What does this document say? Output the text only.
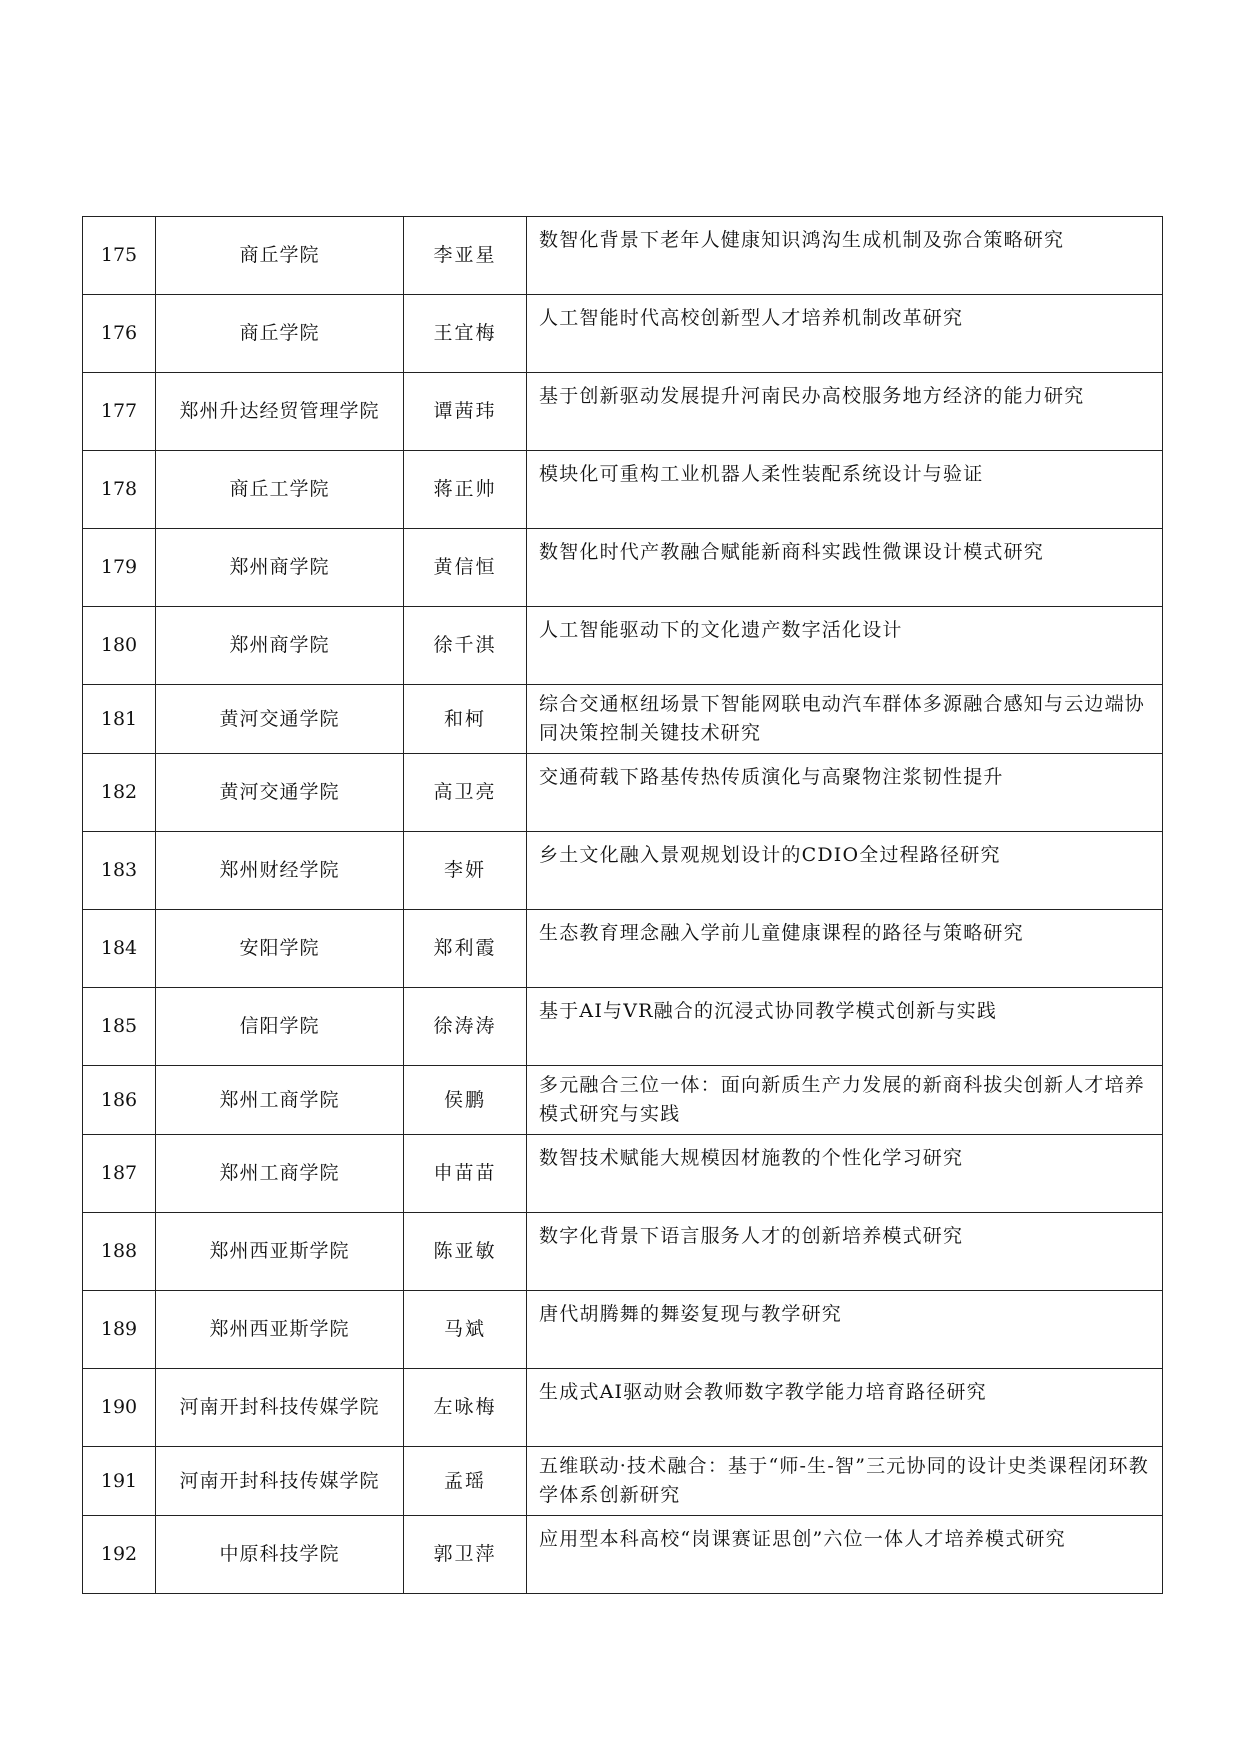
175	商丘学院	李亚星	数智化背景下老年人健康知识鸿沟生成机制及弥合策略研究
176	商丘学院	王宜梅	人工智能时代高校创新型人才培养机制改革研究
177	郑州升达经贸管理学院	谭茜玮	基于创新驱动发展提升河南民办高校服务地方经济的能力研究
178	商丘工学院	蒋正帅	模块化可重构工业机器人柔性装配系统设计与验证
179	郑州商学院	黄信恒	数智化时代产教融合赋能新商科实践性微课设计模式研究
180	郑州商学院	徐千淇	人工智能驱动下的文化遗产数字活化设计
181	黄河交通学院	和柯	综合交通枢纽场景下智能网联电动汽车群体多源融合感知与云边端协同决策控制关键技术研究
182	黄河交通学院	高卫亮	交通荷载下路基传热传质演化与高聚物注浆韧性提升
183	郑州财经学院	李妍	乡土文化融入景观规划设计的CDIO全过程路径研究
184	安阳学院	郑利霞	生态教育理念融入学前儿童健康课程的路径与策略研究
185	信阳学院	徐涛涛	基于AI与VR融合的沉浸式协同教学模式创新与实践
186	郑州工商学院	侯鹏	多元融合三位一体：面向新质生产力发展的新商科拔尖创新人才培养模式研究与实践
187	郑州工商学院	申苗苗	数智技术赋能大规模因材施教的个性化学习研究
188	郑州西亚斯学院	陈亚敏	数字化背景下语言服务人才的创新培养模式研究
189	郑州西亚斯学院	马斌	唐代胡腾舞的舞姿复现与教学研究
190	河南开封科技传媒学院	左咏梅	生成式AI驱动财会教师数字教学能力培育路径研究
191	河南开封科技传媒学院	孟瑶	五维联动·技术融合：基于“师-生-智”三元协同的设计史类课程闭环教学体系创新研究
192	中原科技学院	郭卫萍	应用型本科高校“岗课赛证思创”六位一体人才培养模式研究
